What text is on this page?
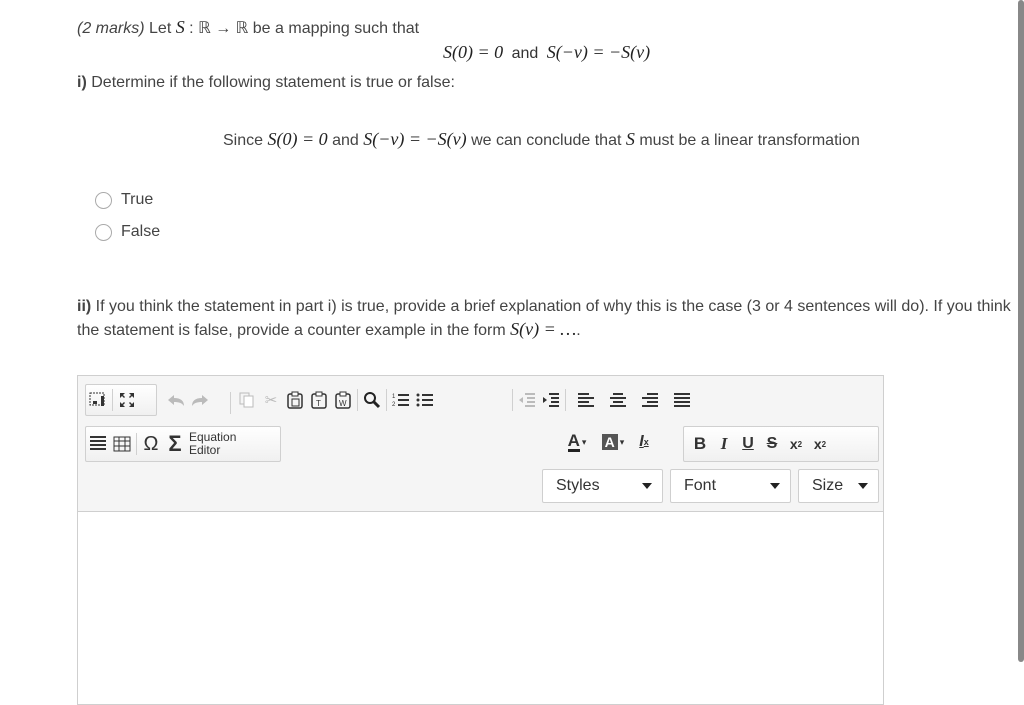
(2 marks) Let S : ℝ → ℝ be a mapping such that
S(0) = 0 and S(−v) = −S(v)
i) Determine if the following statement is true or false:
Since S(0) = 0 and S(−v) = −S(v) we can conclude that S must be a linear transformation
True
False
ii) If you think the statement in part i) is true, provide a brief explanation of why this is the case (3 or 4 sentences will do). If you think
the statement is false, provide a counter example in the form S(v) = ….
✂	T W
1
2
Ω Σ Equation
Editor
A ▾ A ▾ I x	B I U S x 2 x 2
Styles	Font	Size
